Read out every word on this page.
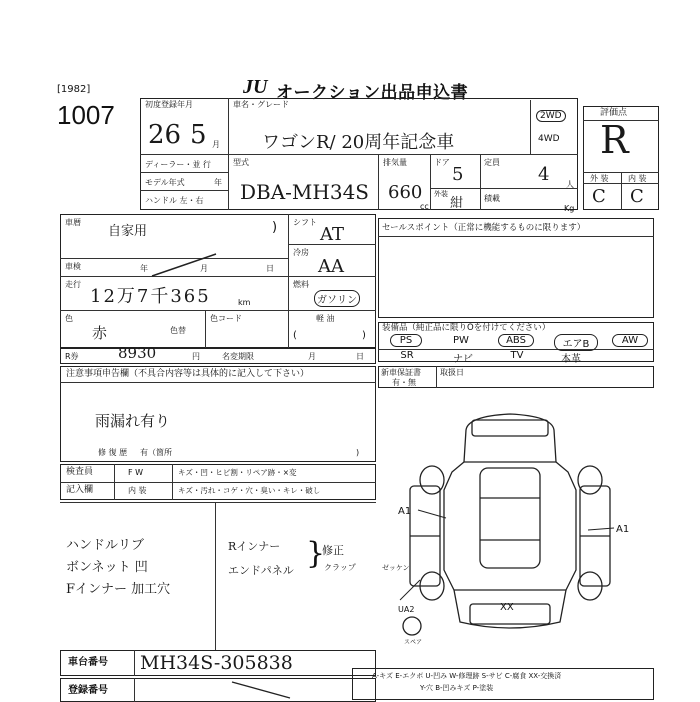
[1982]
1007
JU オークション出品申込書
初度登録年月
26 5 月
車名・グレード
ワゴンR/ 20周年記念車
2WD
4WD
評価点
R
外 装 内 装
C C
ディーラー・並 行
モデル年式	年
ハンドル 左・右
型式
DBA-MH34S
排気量
660
cc
ドア
5
外装
紺
定員
4 人
積載
Kg
車暦
自家用	)
車検	年	月	日
走行
12万7千365	km
色
赤	色替
色コード
シフト
AT
冷房
AA
燃料
ガソリン
軽 油
(	)
セールスポイント（正常に機能するものに限ります）
装備品（純正品に限りOを付けてください）
PS	PW	ABS	エアB	AW
SR	ナビ	TV	本革
R券	8930	円	名変期限	月	日
注意事項申告欄（不具合内容等は具体的に記入して下さい）
雨漏れ有り
修 復 歴 有（箇所	)
新車保証書
有・無
取扱日
検査員
記入欄
F W	キズ・凹・ヒビ割・リペア跡・×変
内 装	キズ・汚れ・コゲ・穴・臭い・キレ・破し
ハンドルリブ
ボンネット 凹
Fインナー 加工穴
Rインナー
エンドパネル
修正
クラップ
}
A1
A1
XX
UA2
ゼッケン
スペア
車台番号 MH34S-305838
登録番号
A-キズ E-エクボ U-凹み W-修理跡 S-サビ C-腐食 XX-交換済
Y-穴 B-凹みキズ P-塗装
